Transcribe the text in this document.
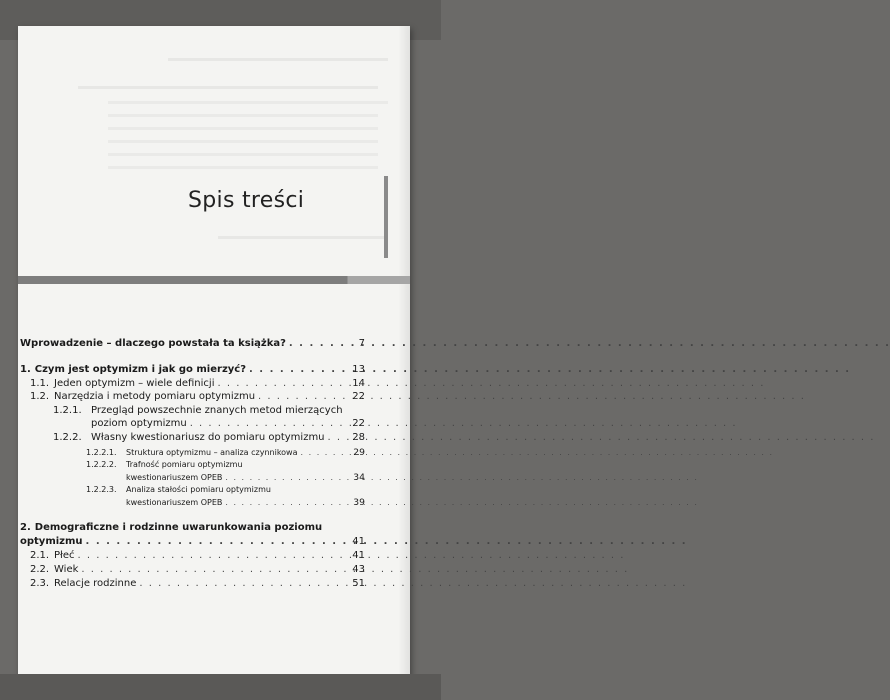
Spis treści
Wprowadzenie – dlaczego powstała ta książka? . . .	7
1. Czym jest optymizm i jak go mierzyć? . . .	13
1.1. Jeden optymizm – wiele definicji . . .	14
1.2. Narzędzia i metody pomiaru optymizmu . . .	22
1.2.1. Przegląd powszechnie znanych metod mierzących
poziom optymizmu . . .	22
1.2.2. Własny kwestionariusz do pomiaru optymizmu . . .	28
1.2.2.1.	Struktura optymizmu – analiza czynnikowa . . .	29
1.2.2.2.	Trafność pomiaru optymizmu
kwestionariuszem OPEB . . .	34
1.2.2.3.	Analiza stałości pomiaru optymizmu
kwestionariuszem OPEB . . .	39
2. Demograficzne i rodzinne uwarunkowania poziomu
optymizmu . . .	41
2.1. Płeć . . .	41
2.2. Wiek . . .	43
2.3. Relacje rodzinne . . .	51
